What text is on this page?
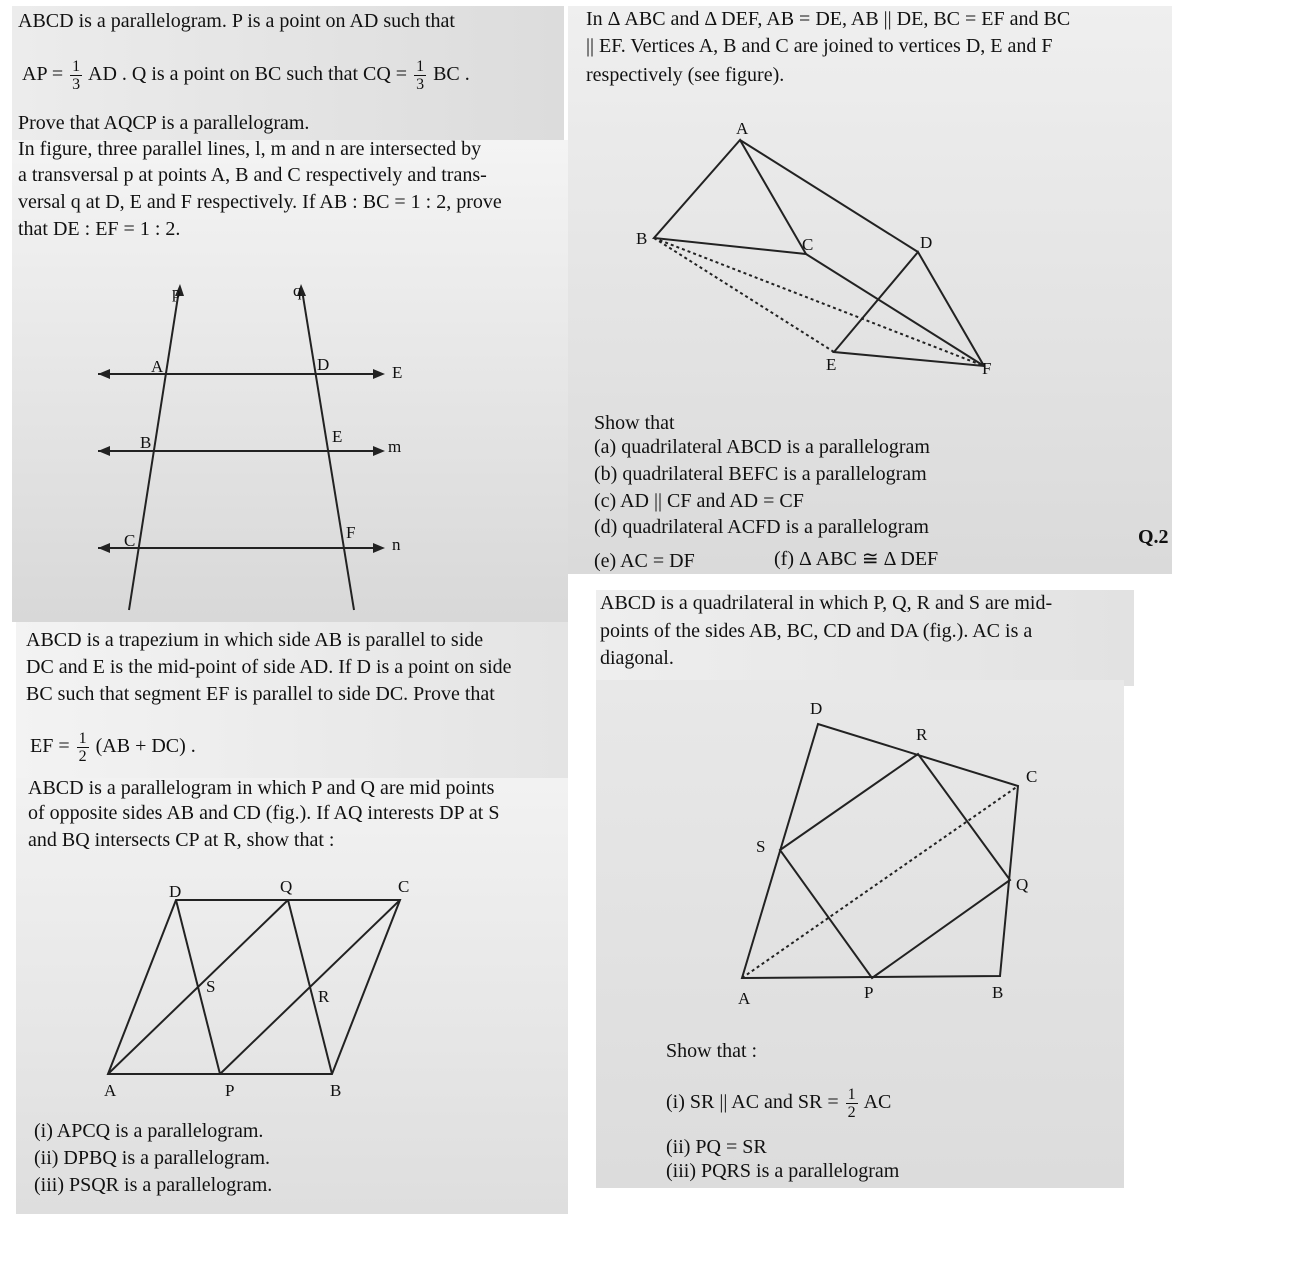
ABCD is a parallelogram. P is a point on AD such that
AP = $\frac{1}{3}$ AD . Q is a point on BC such that CQ = $\frac{1}{3}$ BC .
Prove that AQCP is a parallelogram.
In figure, three parallel lines, l, m and n are intersected by
a transversal p at points A, B and C respectively and trans-
versal q at D, E and F respectively. If AB : BC = 1 : 2, prove
that DE : EF = 1 : 2.
p	q
A	D	E
B	E
m
C	F
n
ABCD is a trapezium in which side AB is parallel to side
DC and E is the mid-point of side AD. If D is a point on side
BC such that segment EF is parallel to side DC. Prove that
EF = $\frac{1}{2} (AB + DC)$ .
ABCD is a parallelogram in which P and Q are mid points
of opposite sides AB and CD (fig.). If AQ interests DP at S
and BQ intersects CP at R, show that :
A	P	B
D	Q	C
S
R
(i) APCQ is a parallelogram.
(ii) DPBQ is a parallelogram.
(iii) PSQR is a parallelogram.
In Δ ABC and Δ DEF, AB = DE, AB || DE, BC = EF and BC
|| EF. Vertices A, B and C are joined to vertices D, E and F
respectively (see figure).
A
B	C	D
E	F
Show that
(a) quadrilateral ABCD is a parallelogram
(b) quadrilateral BEFC is a parallelogram
(c) AD || CF and AD = CF
(d) quadrilateral ACFD is a parallelogram
(e) AC = DF	(f) Δ ABC ≅ Δ DEF
Q.2
ABCD is a quadrilateral in which P, Q, R and S are mid-
points of the sides AB, BC, CD and DA (fig.). AC is a
diagonal.
A	P	B
D
R
C
S
Q
Show that :
(i) SR || AC and SR = $\frac{1}{2}$ AC
(ii) PQ = SR
(iii) PQRS is a parallelogram
